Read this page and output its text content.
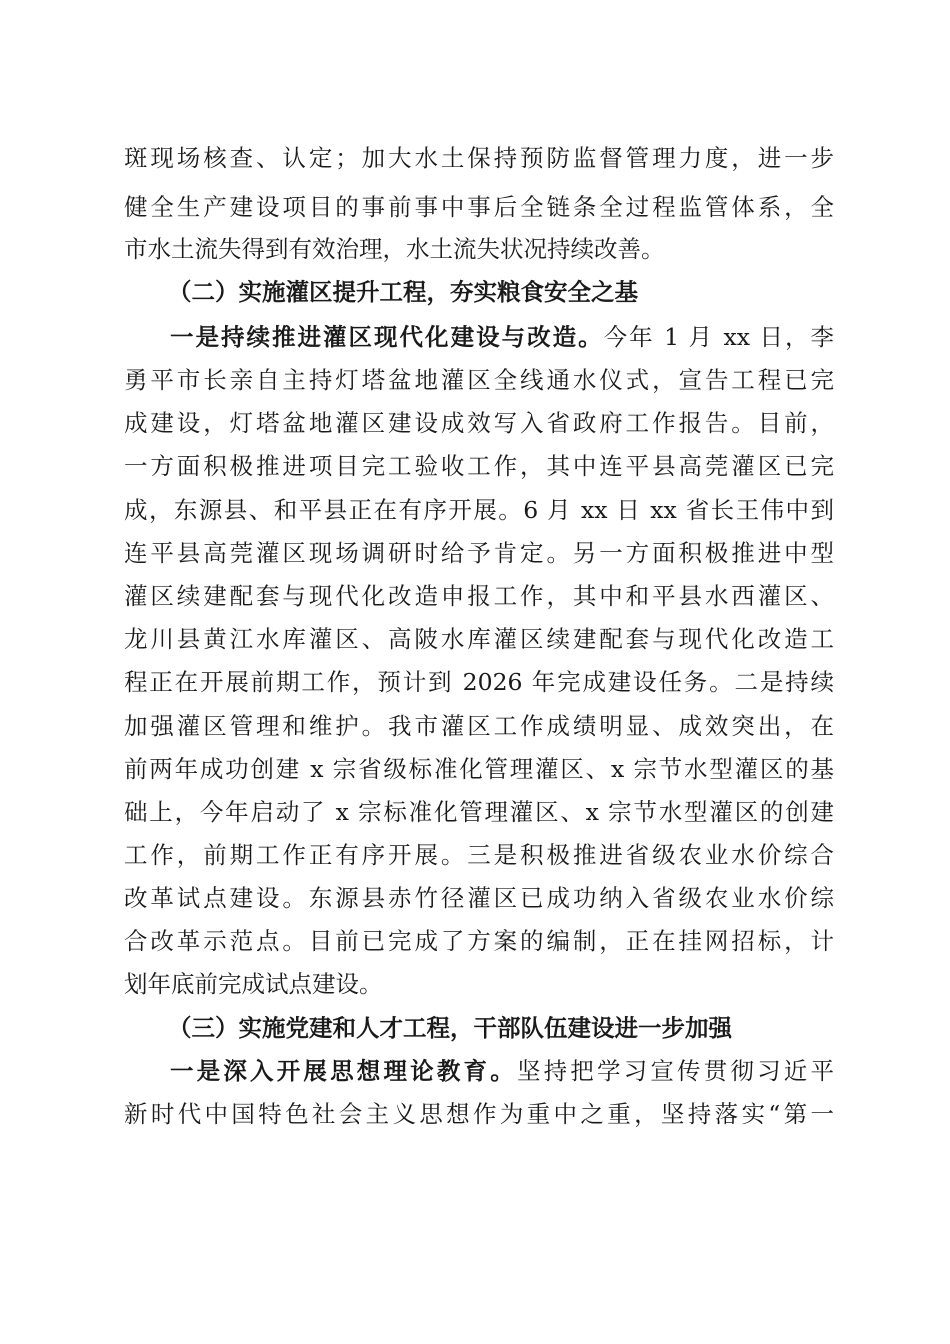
斑现场核查、认定；加大水土保持预防监督管理力度，进一步
健全生产建设项目的事前事中事后全链条全过程监管体系，全
市水土流失得到有效治理，水土流失状况持续改善。
（二）实施灌区提升工程，夯实粮食安全之基
一是持续推进灌区现代化建设与改造。今年 1 月 xx 日，李
勇平市长亲自主持灯塔盆地灌区全线通水仪式，宣告工程已完
成建设，灯塔盆地灌区建设成效写入省政府工作报告。目前，
一方面积极推进项目完工验收工作，其中连平县高莞灌区已完
成，东源县、和平县正在有序开展。6 月 xx 日 xx 省长王伟中到
连平县高莞灌区现场调研时给予肯定。另一方面积极推进中型
灌区续建配套与现代化改造申报工作，其中和平县水西灌区、
龙川县黄江水库灌区、高陂水库灌区续建配套与现代化改造工
程正在开展前期工作，预计到 2026 年完成建设任务。二是持续
加强灌区管理和维护。我市灌区工作成绩明显、成效突出，在
前两年成功创建 x 宗省级标准化管理灌区、x 宗节水型灌区的基
础上，今年启动了 x 宗标准化管理灌区、x 宗节水型灌区的创建
工作，前期工作正有序开展。三是积极推进省级农业水价综合
改革试点建设。东源县赤竹径灌区已成功纳入省级农业水价综
合改革示范点。目前已完成了方案的编制，正在挂网招标，计
划年底前完成试点建设。
（三）实施党建和人才工程，干部队伍建设进一步加强
一是深入开展思想理论教育。坚持把学习宣传贯彻习近平
新时代中国特色社会主义思想作为重中之重，坚持落实“第一
